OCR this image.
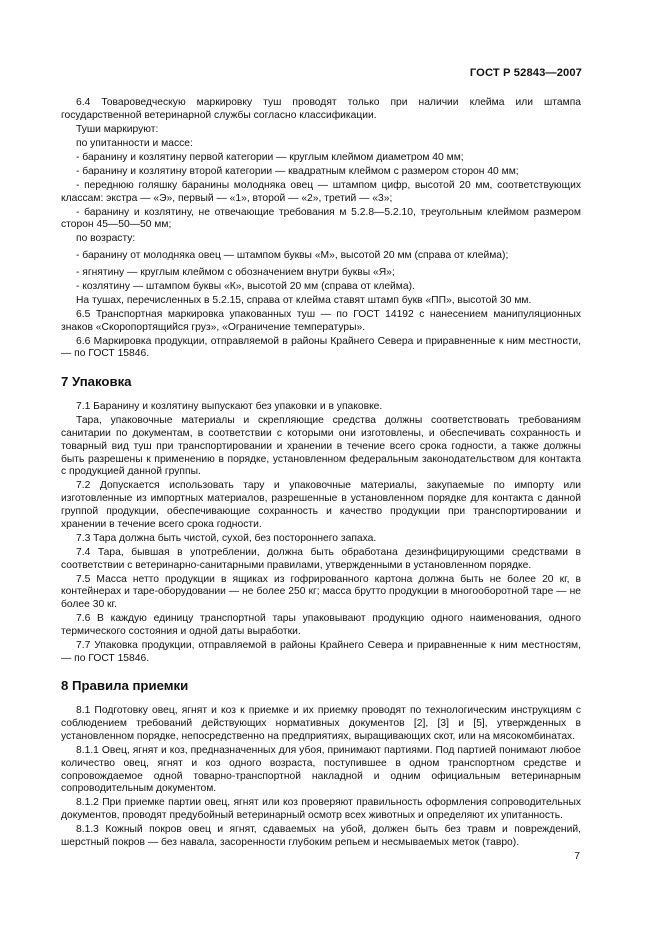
ГОСТ Р 52843—2007

6.4 Товароведческую маркировку туш проводят только при наличии клейма или штампа государственной ветеринарной службы согласно классификации.

Туши маркируют:

по упитанности и массе:

- баранину и козлятину первой категории — круглым клеймом диаметром 40 мм;

- баранину и козлятину второй категории — квадратным клеймом с размером сторон 40 мм;

- переднюю голяшку баранины молодняка овец — штампом цифр, высотой 20 мм, соответствующих классам: экстра — «Э», первый — «1», второй — «2», третий — «3»;

- баранину и козлятину, не отвечающие требования м 5.2.8—5.2.10, треугольным клеймом размером сторон 45—50—50 мм;

по возрасту:

- баранину от молодняка овец — штампом буквы «М», высотой 20 мм (справа от клейма);

- ягнятину — круглым клеймом с обозначением внутри буквы «Я»;

- козлятину — штампом буквы «К», высотой 20 мм (справа от клейма).

На тушах, перечисленных в 5.2.15, справа от клейма ставят штамп букв «ПП», высотой 30 мм.

6.5 Транспортная маркировка упакованных туш — по ГОСТ 14192 с нанесением манипуляционных знаков «Скоропортящийся груз», «Ограничение температуры».

6.6 Маркировка продукции, отправляемой в районы Крайнего Севера и приравненные к ним местности, — по ГОСТ 15846.

7 Упаковка

7.1 Баранину и козлятину выпускают без упаковки и в упаковке.

Тара, упаковочные материалы и скрепляющие средства должны соответствовать требованиям санитарии по документам, в соответствии с которыми они изготовлены, и обеспечивать сохранность и товарный вид туш при транспортировании и хранении в течение всего срока годности, а также должны быть разрешены к применению в порядке, установленном федеральным законодательством для контакта с продукцией данной группы.

7.2 Допускается использовать тару и упаковочные материалы, закупаемые по импорту или изготовленные из импортных материалов, разрешенные в установленном порядке для контакта с данной группой продукции, обеспечивающие сохранность и качество продукции при транспортировании и хранении в течение всего срока годности.

7.3 Тара должна быть чистой, сухой, без постороннего запаха.

7.4 Тара, бывшая в употреблении, должна быть обработана дезинфицирующими средствами в соответствии с ветеринарно-санитарными правилами, утвержденными в установленном порядке.

7.5 Масса нетто продукции в ящиках из гофрированного картона должна быть не более 20 кг, в контейнерах и таре-оборудовании — не более 250 кг; масса брутто продукции в многооборотной таре — не более 30 кг.

7.6 В каждую единицу транспортной тары упаковывают продукцию одного наименования, одного термического состояния и одной даты выработки.

7.7 Упаковка продукции, отправляемой в районы Крайнего Севера и приравненные к ним местностям, — по ГОСТ 15846.

8 Правила приемки

8.1 Подготовку овец, ягнят и коз к приемке и их приемку проводят по технологическим инструкциям с соблюдением требований действующих нормативных документов [2], [3] и [5], утвержденных в установленном порядке, непосредственно на предприятиях, выращивающих скот, или на мясокомбинатах.

8.1.1 Овец, ягнят и коз, предназначенных для убоя, принимают партиями. Под партией понимают любое количество овец, ягнят и коз одного возраста, поступившее в одном транспортном средстве и сопровождаемое одной товарно-транспортной накладной и одним официальным ветеринарным сопроводительным документом.

8.1.2 При приемке партии овец, ягнят или коз проверяют правильность оформления сопроводительных документов, проводят предубойный ветеринарный осмотр всех животных и определяют их упитанность.

8.1.3 Кожный покров овец и ягнят, сдаваемых на убой, должен быть без травм и повреждений, шерстный покров — без навала, засоренности глубоким репьем и несмываемых меток (тавро).

7
